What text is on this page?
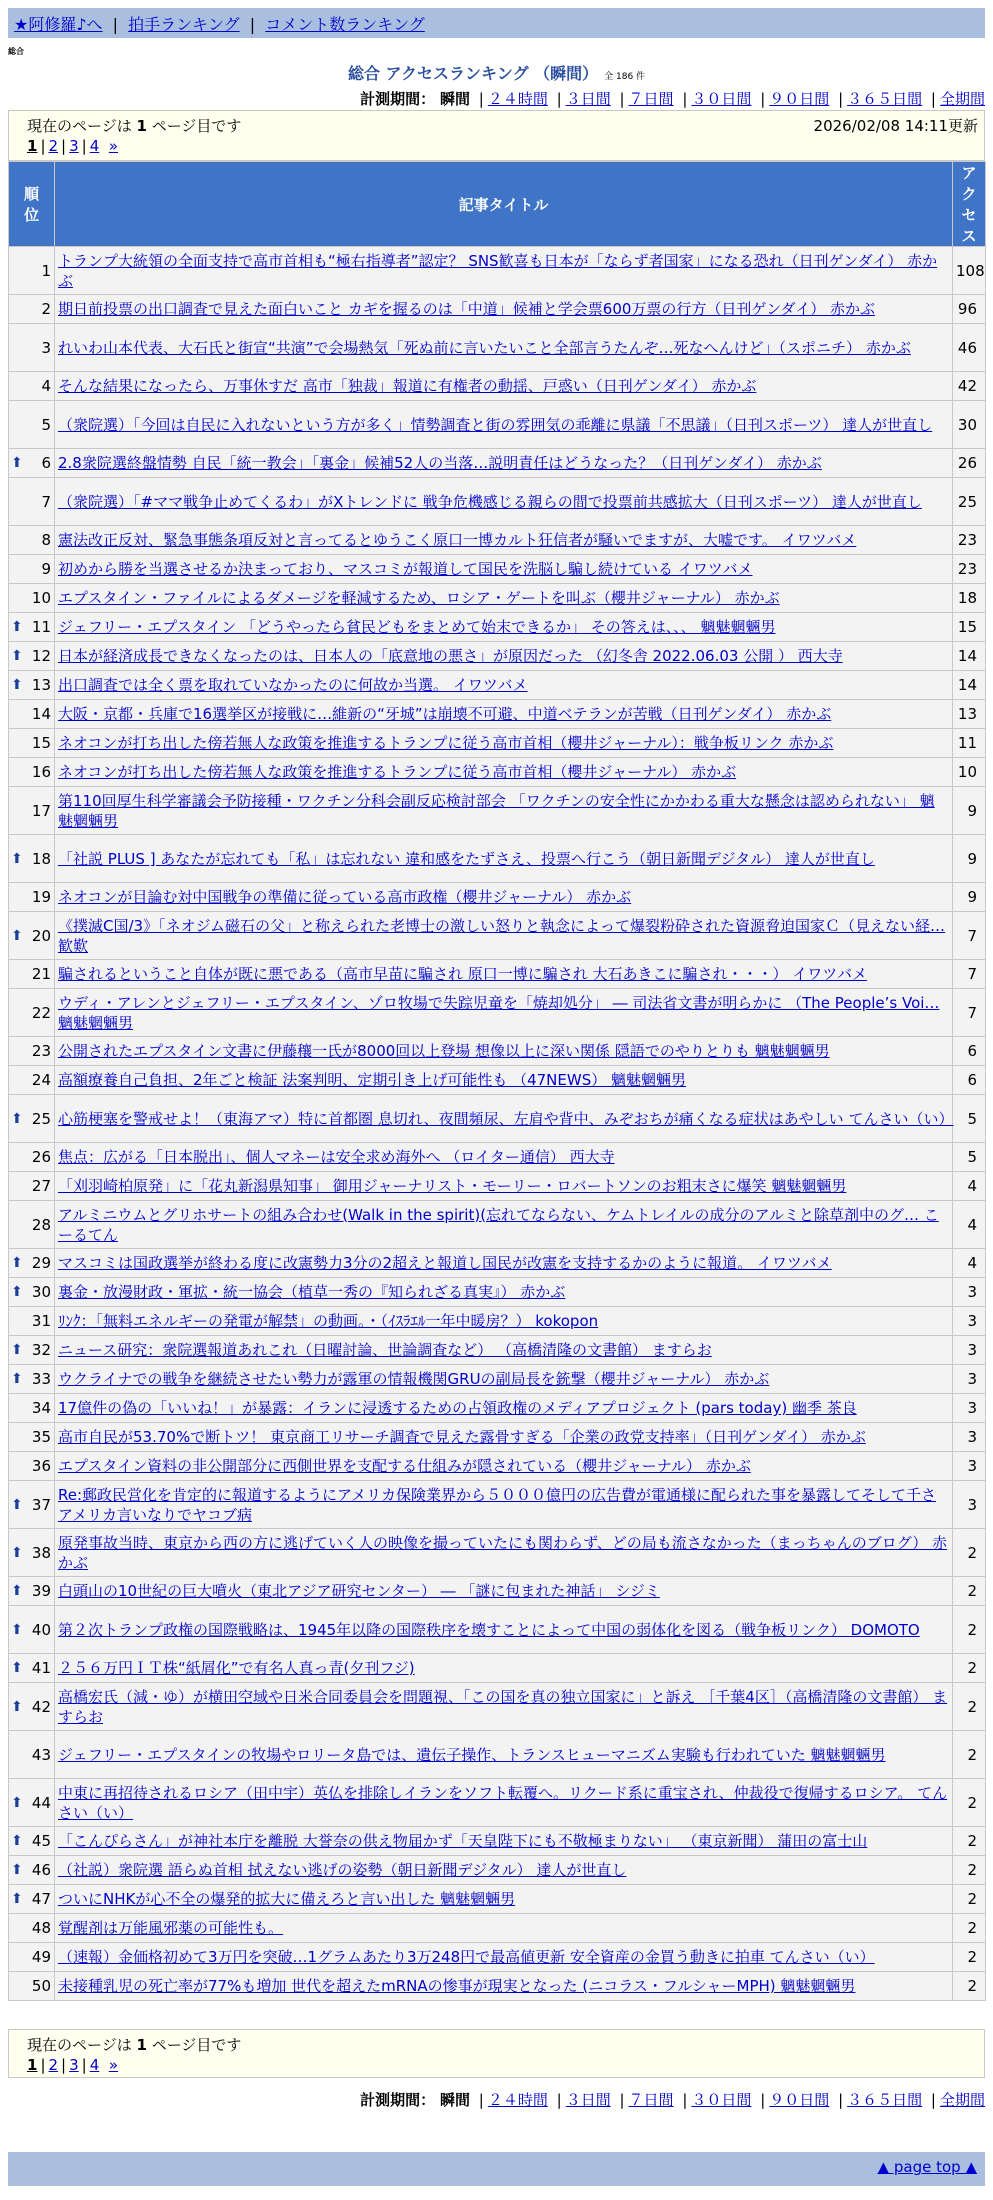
★阿修羅♪へ | 拍手ランキング | コメント数ランキング
総合
総合 アクセスランキング （瞬間） 全 186 件
計測期間： 瞬間 | ２４時間 | ３日間 | ７日間 | ３０日間 | ９０日間 | ３６５日間 | 全期間
現在のページは 1 ページ目です	2026/02/08 14:11更新
1 | 2 | 3 | 4 »
順位	記事タイトル	アクセス
1	トランプ大統領の全面支持で高市首相も“極右指導者”認定？ SNS歓喜も日本が「ならず者国家」になる恐れ（日刊ゲンダイ） 赤かぶ	108
2	期日前投票の出口調査で見えた面白いこと カギを握るのは「中道」候補と学会票600万票の行方（日刊ゲンダイ） 赤かぶ	96
3	れいわ山本代表、大石氏と街宣“共演”で会場熱気「死ぬ前に言いたいこと全部言うたんぞ…死なへんけど」（スポニチ） 赤かぶ	46
4	そんな結果になったら、万事休すだ 高市「独裁」報道に有権者の動揺、戸惑い（日刊ゲンダイ） 赤かぶ	42
5	（衆院選）「今回は自民に入れないという方が多く」情勢調査と街の雰囲気の乖離に県議「不思議」（日刊スポーツ） 達人が世直し	30

⬆ 6	2.8衆院選終盤情勢 自民「統一教会」「裏金」候補52人の当落…説明責任はどうなった？（日刊ゲンダイ） 赤かぶ	26
7	（衆院選）「#ママ戦争止めてくるわ」がXトレンドに 戦争危機感じる親らの間で投票前共感拡大（日刊スポーツ） 達人が世直し	25
8	憲法改正反対、緊急事態条項反対と言ってるとゆうこく原口一博カルト狂信者が騒いでますが、大嘘です。 イワツバメ	23
9	初めから勝を当選させるか決まっており、マスコミが報道して国民を洗脳し騙し続けている イワツバメ	23
10	エプスタイン・ファイルによるダメージを軽減するため、ロシア・ゲートを叫ぶ（櫻井ジャーナル） 赤かぶ	18

⬆ 11	ジェフリー・エプスタイン 「どうやったら貧民どもをまとめて始末できるか」 その答えは、、、 魑魅魍魎男	15

⬆ 12	日本が経済成長できなくなったのは、日本人の「底意地の悪さ」が原因だった （幻冬舎 2022.06.03 公開 ） 西大寺	14

⬆ 13	出口調査では全く票を取れていなかったのに何故か当選。 イワツバメ	14
14	大阪・京都・兵庫で16選挙区が接戦に…維新の“牙城”は崩壊不可避、中道ベテランが苦戦（日刊ゲンダイ） 赤かぶ	13
15	ネオコンが打ち出した傍若無人な政策を推進するトランプに従う高市首相（櫻井ジャーナル）：戦争板リンク 赤かぶ	11
16	ネオコンが打ち出した傍若無人な政策を推進するトランプに従う高市首相（櫻井ジャーナル） 赤かぶ	10
17	第110回厚生科学審議会予防接種・ワクチン分科会副反応検討部会 「ワクチンの安全性にかかわる重大な懸念は認められない」 魑魅魍魎男	9

⬆ 18	「社説 PLUS ] あなたが忘れても「私」は忘れない 違和感をたずさえ、投票へ行こう（朝日新聞デジタル） 達人が世直し	9
19	ネオコンが目論む対中国戦争の準備に従っている高市政権（櫻井ジャーナル） 赤かぶ	9

⬆ 20	《撲滅C国/3》「ネオジム磁石の父」と称えられた老博士の激しい怒りと執念によって爆裂粉砕された資源脅迫国家Ｃ（見えない経… 歓歎	7
21	騙されるということ自体が既に悪である（高市早苗に騙され 原口一博に騙され 大石あきこに騙され・・・） イワツバメ	7
22	ウディ・アレンとジェフリー・エプスタイン、ゾロ牧場で失踪児童を「焼却処分」 ― 司法省文書が明らかに （The People’s Voi… 魑魅魍魎男	7
23	公開されたエプスタイン文書に伊藤穰一氏が8000回以上登場 想像以上に深い関係 隠語でのやりとりも 魑魅魍魎男	6
24	高額療養自己負担、2年ごと検証 法案判明、定期引き上げ可能性も （47NEWS） 魑魅魍魎男	6

⬆ 25	心筋梗塞を警戒せよ！（東海アマ）特に首都圏 息切れ、夜間頻尿、左肩や背中、みぞおちが痛くなる症状はあやしい てんさい（い）	5
26	焦点：広がる「日本脱出」、個人マネーは安全求め海外へ （ロイター通信） 西大寺	5
27	「刈羽崎柏原発」に「花丸新潟県知事」 御用ジャーナリスト・モーリー・ロバートソンのお粗末さに爆笑 魑魅魍魎男	4
28	アルミニウムとグリホサートの組み合わせ(Walk in the spirit)(忘れてならない、ケムトレイルの成分のアルミと除草剤中のグ… こーるてん	4

⬆ 29	マスコミは国政選挙が終わる度に改憲勢力3分の2超えと報道し国民が改憲を支持するかのように報道。 イワツバメ	4

⬆ 30	裏金・放漫財政・軍拡・統一協会（植草一秀の『知られざる真実』） 赤かぶ	3
31	ﾘﾝｸ：「無料エネルギーの発電が解禁」の動画。・（ｲｽﾗｴﾙ一年中暖房？） kokopon	3

⬆ 32	ニュース研究：衆院選報道あれこれ（日曜討論、世論調査など） （高橋清隆の文書館） ますらお	3

⬆ 33	ウクライナでの戦争を継続させたい勢力が露軍の情報機関GRUの副局長を銃撃（櫻井ジャーナル） 赤かぶ	3
34	17億件の偽の「いいね！」が暴露：イランに浸透するための占領政権のメディアプロジェクト (pars today) 幽季 茶良	3
35	高市自民が53.70%で断トツ！ 東京商工リサーチ調査で見えた露骨すぎる「企業の政党支持率」（日刊ゲンダイ） 赤かぶ	3
36	エプスタイン資料の非公開部分に西側世界を支配する仕組みが隠されている（櫻井ジャーナル） 赤かぶ	3

⬆ 37	Re:郵政民営化を肯定的に報道するようにアメリカ保険業界から５０００億円の広告費が電通様に配られた事を暴露してそして千さ アメリカ言いなりでヤコブ病	3

⬆ 38	原発事故当時、東京から西の方に逃げていく人の映像を撮っていたにも関わらず、どの局も流さなかった（まっちゃんのブログ） 赤かぶ	2

⬆ 39	白頭山の10世紀の巨大噴火（東北アジア研究センター） ― 「謎に包まれた神話」 シジミ	2

⬆ 40	第２次トランプ政権の国際戦略は、1945年以降の国際秩序を壊すことによって中国の弱体化を図る（戦争板リンク） DOMOTO	2

⬆ 41	２５６万円ＩＴ株“紙屑化”で有名人真っ青(夕刊フジ)	2

⬆ 42	高橋宏氏（減・ゆ）が横田空域や日米合同委員会を問題視、「この国を真の独立国家に」と訴え ［千葉4区］（高橋清隆の文書館） ますらお	2
43	ジェフリー・エプスタインの牧場やロリータ島では、遺伝子操作、トランスヒューマニズム実験も行われていた 魑魅魍魎男	2

⬆ 44	中東に再招待されるロシア（田中宇）英仏を排除しイランをソフト転覆へ。リクード系に重宝され、仲裁役で復帰するロシア。 てんさい（い）	2

⬆ 45	「こんぴらさん」が神社本庁を離脱 大誉奈の供え物届かず「天皇陛下にも不敬極まりない」 （東京新聞） 蒲田の富士山	2

⬆ 46	（社説）衆院選 語らぬ首相 拭えない逃げの姿勢（朝日新聞デジタル） 達人が世直し	2

⬆ 47	ついにNHKが心不全の爆発的拡大に備えろと言い出した 魑魅魍魎男	2
48	覚醒剤は万能風邪薬の可能性も。	2
49	（速報）金価格初めて3万円を突破…1グラムあたり3万248円で最高値更新 安全資産の金買う動きに拍車 てんさい（い）	2
50	未接種乳児の死亡率が77%も増加 世代を超えたmRNAの惨事が現実となった (ニコラス・フルシャーMPH) 魑魅魍魎男	2
現在のページは 1 ページ目です
1 | 2 | 3 | 4 »
計測期間： 瞬間 | ２４時間 | ３日間 | ７日間 | ３０日間 | ９０日間 | ３６５日間 | 全期間
▲ page top ▲
